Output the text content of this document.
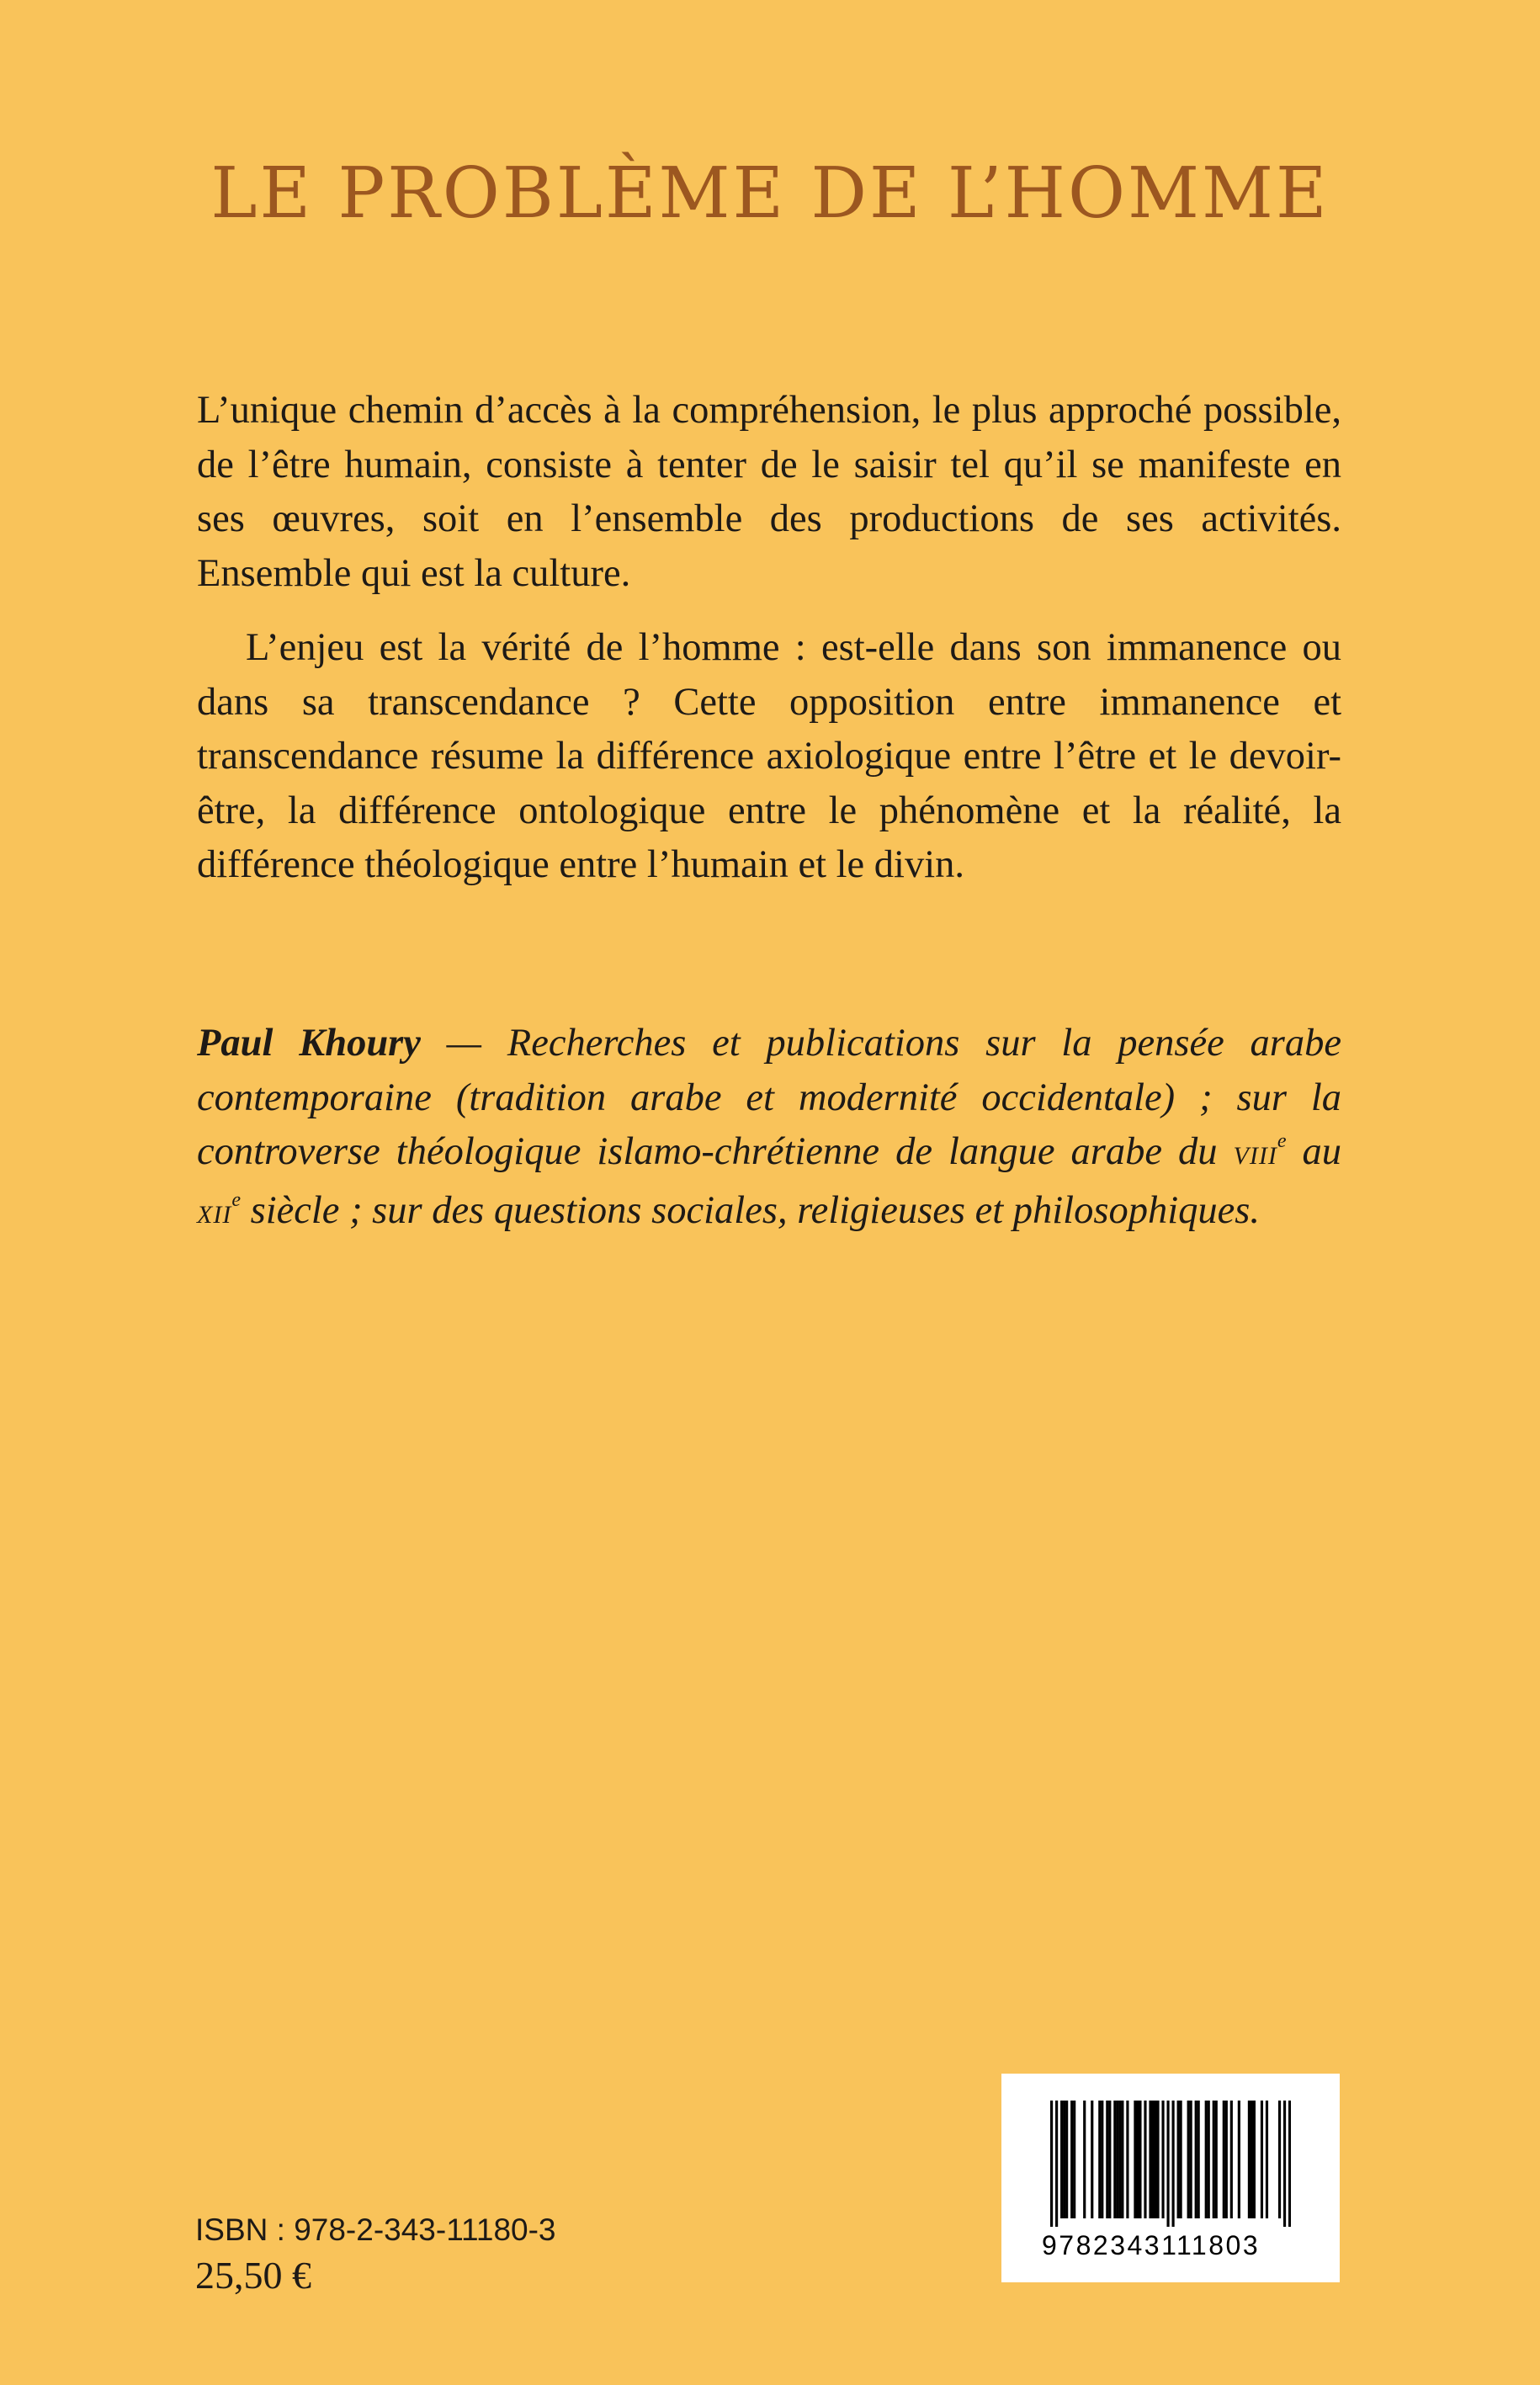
LE PROBLÈME DE L’HOMME

L’unique chemin d’accès à la compréhension, le plus approché possible, de l’être humain, consiste à tenter de le saisir tel qu’il se manifeste en ses œuvres, soit en l’ensemble des productions de ses activités. Ensemble qui est la culture.

L’enjeu est la vérité de l’homme : est-elle dans son immanence ou dans sa transcendance ? Cette opposition entre immanence et transcendance résume la différence axiologique entre l’être et le devoir-être, la différence ontologique entre le phénomène et la réalité, la différence théologique entre l’humain et le divin.

Paul Khoury — Recherches et publications sur la pensée arabe contemporaine (tradition arabe et modernité occidentale) ; sur la controverse théologique islamo-chrétienne de langue arabe du VIIIe au XIIe siècle ; sur des questions sociales, religieuses et philosophiques.
ISBN : 978-2-343-11180-3
25,50 €
9782343111803
